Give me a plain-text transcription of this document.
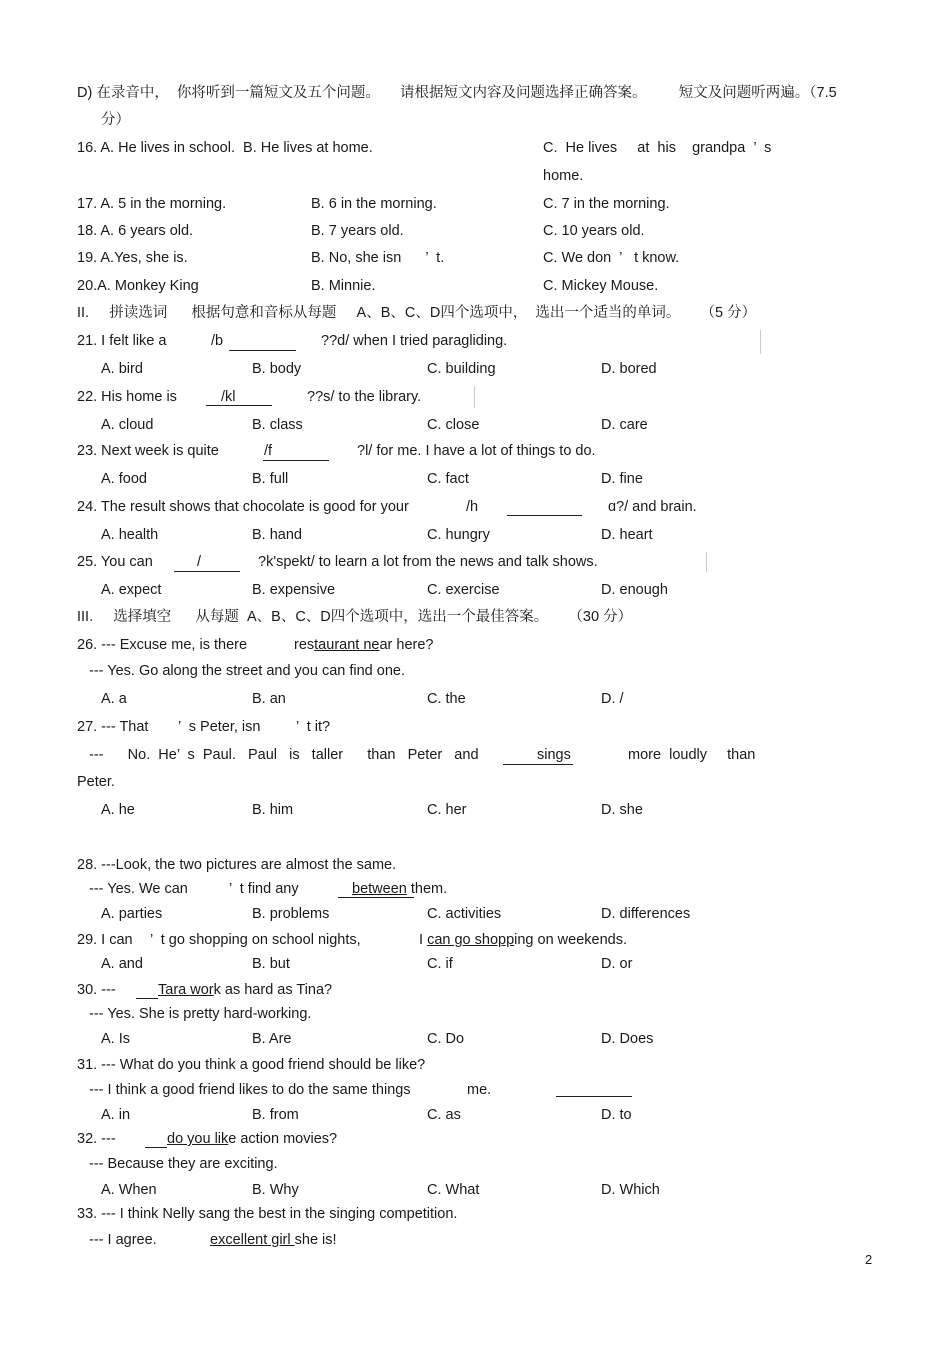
D) 在录音中，  你将听到一篇短文及五个问题。     请根据短文内容及问题选择正确答案。        短文及问题听两遍。（7.5
分）
16. A. He lives in school.  B. He lives at home.	C.  He lives     at  his    grandpa  ’  s
home.
17. A. 5 in the morning.	B. 6 in the morning.	C. 7 in the morning.
18. A. 6 years old.	B. 7 years old.	C. 10 years old.
19. A.Yes, she is.	B. No, she isn      ’  t.	C. We don  ’   t know.
20.A. Monkey King	B. Minnie.	C. Mickey Mouse.
II.     拼读选词      根据句意和音标从每题     A、B、C、D四个选项中，  选出一个适当的单词。     （5 分）
21. I felt like a	/b	??d/ when I tried paragliding.
A. bird	B. body	C. building	D. bored
22. His home is	/kl	??s/ to the library.
A. cloud	B. class	C. close	D. care
23. Next week is quite	/f	?l/ for me. I have a lot of things to do.
A. food	B. full	C. fact	D. fine
24. The result shows that chocolate is good for your	/h	ɑ?/ and brain.
A. health	B. hand	C. hungry	D. heart
25. You can	/	?k'spekt/ to learn a lot from the news and talk shows.
A. expect	B. expensive	C. exercise	D. enough
III.     选择填空      从每题  A、B、C、D四个选项中，选出一个最佳答案。     （30 分）
26. --- Excuse me, is there	restaurant near here?
--- Yes. Go along the street and you can find one.
A. a	B. an	C. the	D. /
27. --- That ’  s Peter, isn ’  t it?
---      No.  He’  s  Paul.   Paul   is   taller      than   Peter   and	sings	more  loudly     than
Peter.
A. he	B. him	C. her	D. she
28. ---Look, the two pictures are almost the same.
--- Yes. We can	’  t find any	between them.
A. parties	B. problems	C. activities	D. differences
29. I can ’  t go shopping on school nights,	I can go shopping on weekends.
A. and	B. but	C. if	D. or
30. ---	Tara work as hard as Tina?
--- Yes. She is pretty hard-working.
A. Is	B. Are	C. Do	D. Does
31. --- What do you think a good friend should be like?
--- I think a good friend likes to do the same things	me.
A. in	B. from	C. as	D. to
32. ---	do you like action movies?
--- Because they are exciting.
A. When	B. Why	C. What	D. Which
33. --- I think Nelly sang the best in the singing competition.
--- I agree.	excellent girl she is!
2
